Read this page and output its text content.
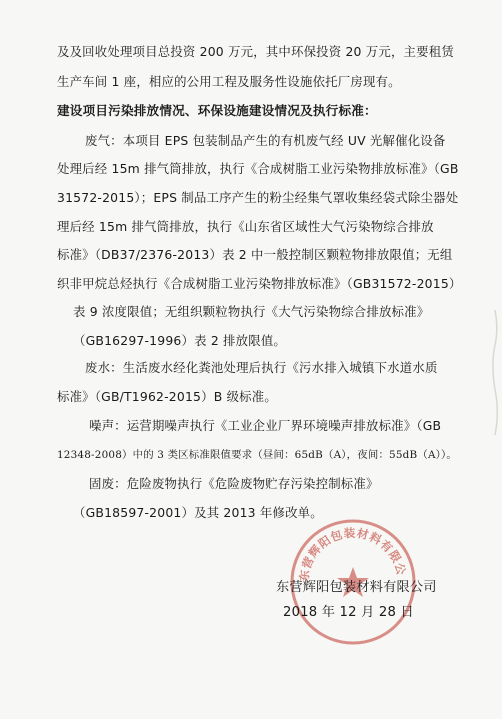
及及回收处理项目总投资 200 万元，其中环保投资 20 万元，主要租赁
生产车间 1 座，相应的公用工程及服务性设施依托厂房现有。
建设项目污染排放情况、环保设施建设情况及执行标准：
废气：本项目 EPS 包装制品产生的有机废气经 UV 光解催化设备
处理后经 15m 排气筒排放，执行《合成树脂工业污染物排放标准》（GB
31572-2015）；EPS 制品工序产生的粉尘经集气罩收集经袋式除尘器处
理后经 15m 排气筒排放，执行《山东省区域性大气污染物综合排放
标准》（DB37/2376-2013）表 2 中一般控制区颗粒物排放限值；无组
织非甲烷总烃执行《合成树脂工业污染物排放标准》（GB31572-2015）
表 9 浓度限值；无组织颗粒物执行《大气污染物综合排放标准》
（GB16297-1996）表 2 排放限值。
废水：生活废水经化粪池处理后执行《污水排入城镇下水道水质
标准》（GB/T1962-2015）B 级标准。
噪声：运营期噪声执行《工业企业厂界环境噪声排放标准》（GB
12348-2008）中的 3 类区标准限值要求（昼间：65dB（A），夜间：55dB（A））。
固废：危险废物执行《危险废物贮存污染控制标准》
（GB18597-2001）及其 2013 年修改单。
东营辉阳包装材料有限公
东营辉阳包装材料有限公司
2018 年 12 月 28 日
